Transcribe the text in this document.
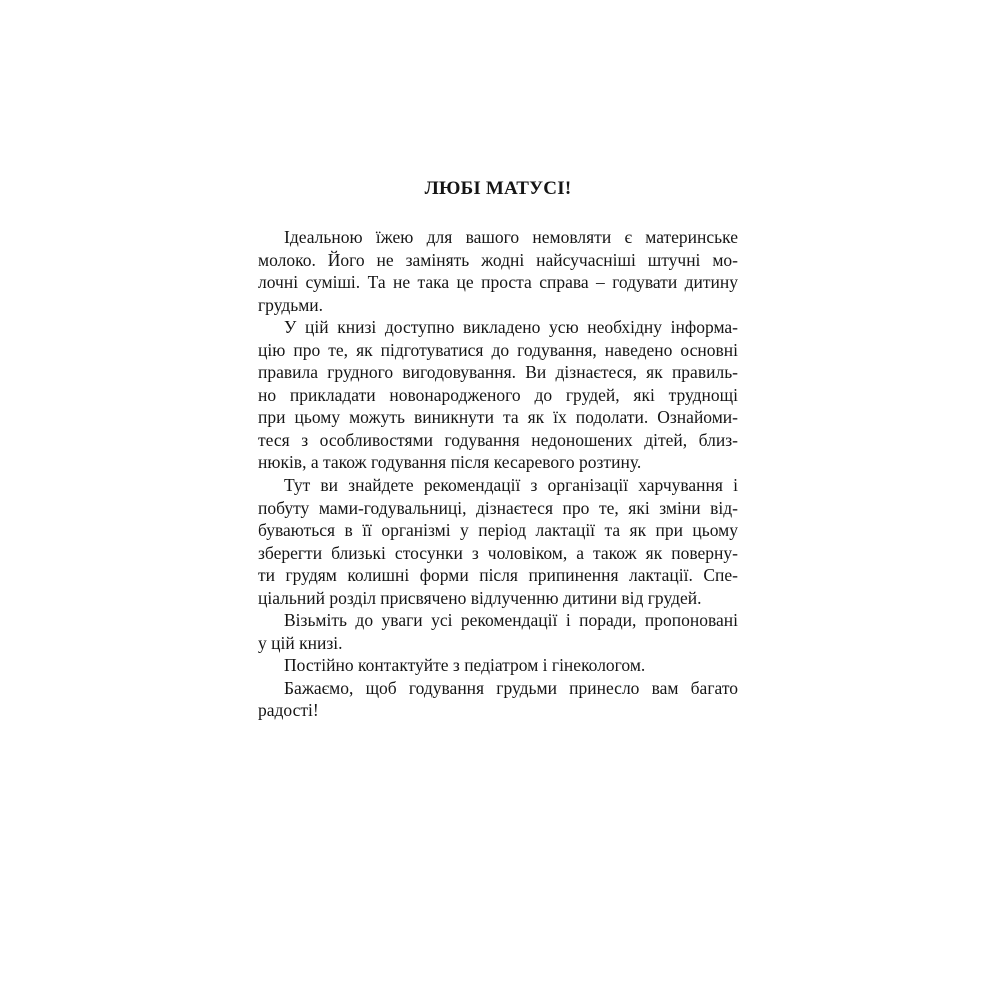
ЛЮБІ МАТУСІ!
Ідеальною їжею для вашого немовляти є материнське
молоко. Його не замінять жодні найсучасніші штучні мо-
лочні суміші. Та не така це проста справа – годувати дитину
грудьми.
У цій книзі доступно викладено усю необхідну інформа-
цію про те, як підготуватися до годування, наведено основні
правила грудного вигодовування. Ви дізнаєтеся, як правиль-
но прикладати новонародженого до грудей, які труднощі
при цьому можуть виникнути та як їх подолати. Ознайоми-
теся з особливостями годування недоношених дітей, близ-
нюків, а також годування після кесаревого розтину.
Тут ви знайдете рекомендації з організації харчування і
побуту мами-годувальниці, дізнаєтеся про те, які зміни від-
буваються в її організмі у період лактації та як при цьому
зберегти близькі стосунки з чоловіком, а також як поверну-
ти грудям колишні форми після припинення лактації. Спе-
ціальний розділ присвячено відлученню дитини від грудей.
Візьміть до уваги усі рекомендації і поради, пропоновані
у цій книзі.
Постійно контактуйте з педіатром і гінекологом.
Бажаємо, щоб годування грудьми принесло вам багато
радості!
